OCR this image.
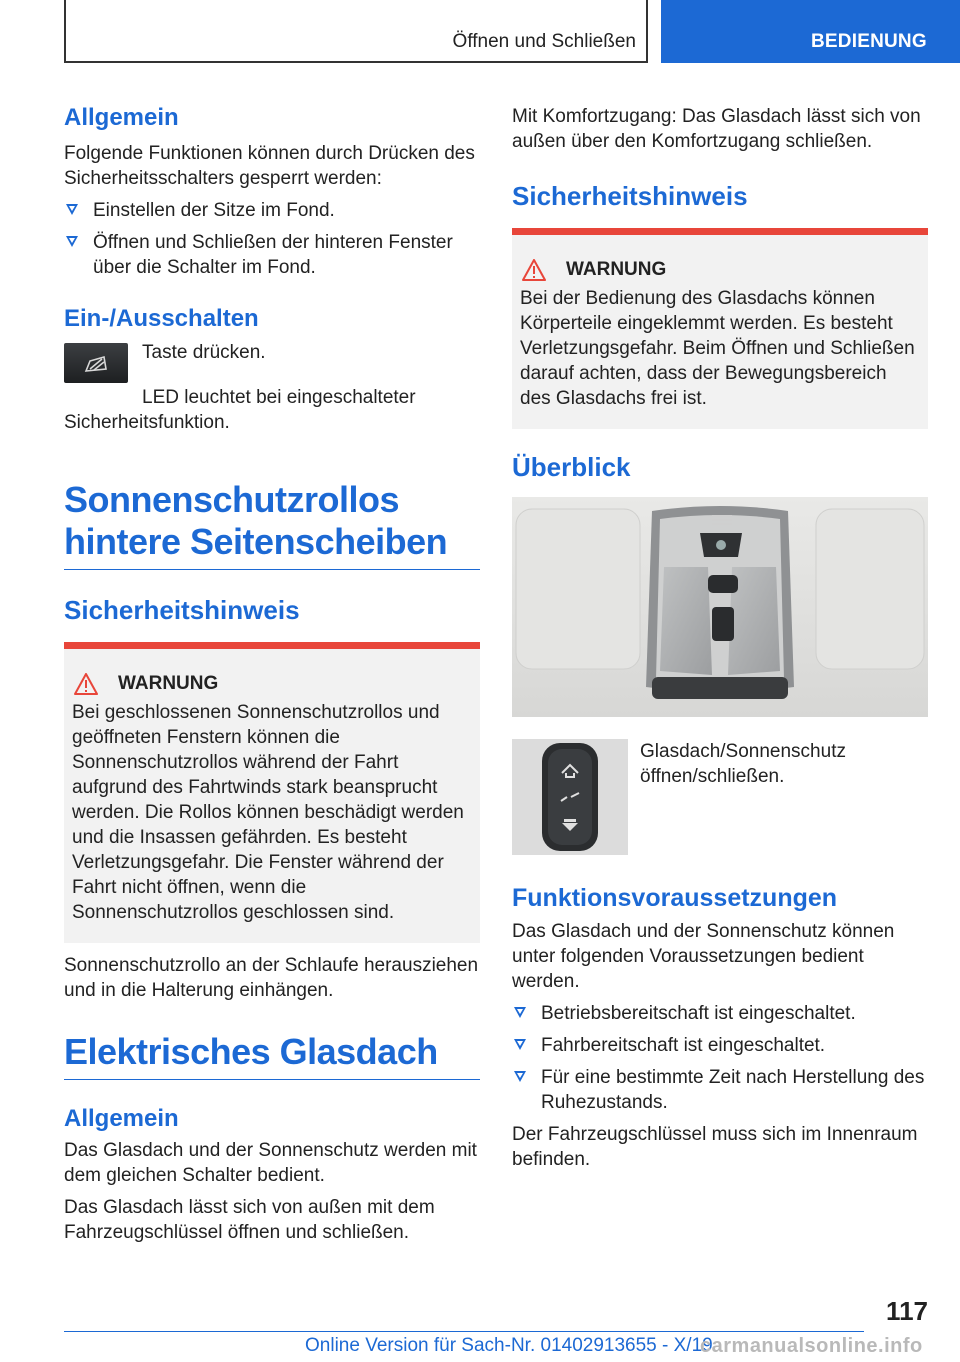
Öffnen und Schließen	BEDIENUNG
Allgemein

Folgende Funktionen können durch Drücken des Sicherheitsschalters gesperrt werden:

Einstellen der Sitze im Fond.
Öffnen und Schließen der hinteren Fenster über die Schalter im Fond.
Ein-/Ausschalten

Taste drücken.

LED leuchtet bei eingeschalteter Sicherheitsfunktion.

Sonnenschutzrollos hintere Seitenscheiben
Sicherheitshinweis
WARNUNG

Bei geschlossenen Sonnenschutzrollos und geöffneten Fenstern können die Sonnenschutzrollos während der Fahrt aufgrund des Fahrtwinds stark beansprucht werden. Die Rollos können beschädigt werden und die Insassen gefährden. Es besteht Verletzungsgefahr. Die Fenster während der Fahrt nicht öffnen, wenn die Sonnenschutzrollos geschlossen sind.

Sonnenschutzrollo an der Schlaufe herausziehen und in die Halterung einhängen.

Elektrisches Glasdach
Allgemein

Das Glasdach und der Sonnenschutz werden mit dem gleichen Schalter bedient.

Das Glasdach lässt sich von außen mit dem Fahrzeugschlüssel öffnen und schließen.

Mit Komfortzugang: Das Glasdach lässt sich von außen über den Komfortzugang schließen.

Sicherheitshinweis
WARNUNG

Bei der Bedienung des Glasdachs können Körperteile eingeklemmt werden. Es besteht Verletzungsgefahr. Beim Öffnen und Schließen darauf achten, dass der Bewegungsbereich des Glasdachs frei ist.

Überblick

Glasdach/Sonnenschutz öffnen/schließen.

Funktionsvoraussetzungen

Das Glasdach und der Sonnenschutz können unter folgenden Voraussetzungen bedient werden.

Betriebsbereitschaft ist eingeschaltet.
Fahrbereitschaft ist eingeschaltet.
Für eine bestimmte Zeit nach Herstellung des Ruhezustands.

Der Fahrzeugschlüssel muss sich im Innenraum befinden.

117
Online Version für Sach-Nr. 01402913655 - X/19
carmanualsonline.info
